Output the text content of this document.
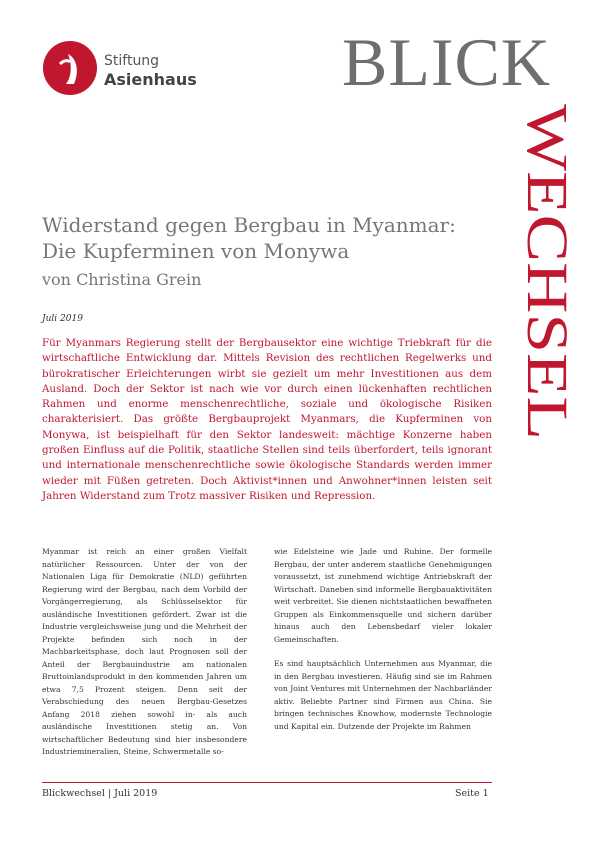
Stiftung
Asienhaus BLICK
WECHSEL
Widerstand gegen Bergbau in Myanmar:
Die Kupferminen von Monywa
von Christina Grein
Juli 2019

Für Myanmars Regierung stellt der Bergbausektor eine wichtige Triebkraft für die wirtschaftliche Entwicklung dar. Mittels Revision des rechtlichen Regelwerks und bürokratischer Erleichterungen wirbt sie gezielt um mehr Investitionen aus dem Ausland. Doch der Sektor ist nach wie vor durch einen lückenhaften rechtlichen Rahmen und enorme menschenrechtliche, soziale und ökologische Risiken charakterisiert. Das größte Bergbauprojekt Myanmars, die Kupferminen von Monywa, ist beispielhaft für den Sektor landesweit: mächtige Konzerne haben großen Einfluss auf die Politik, staatliche Stellen sind teils überfordert, teils ignorant und internationale menschenrechtliche sowie ökologische Standards werden immer wieder mit Füßen getreten. Doch Aktivist*innen und Anwohner*innen leisten seit Jahren Widerstand zum Trotz massiver Risiken und Repression.

Myanmar ist reich an einer großen Vielfalt natürlicher Ressourcen. Unter der von der Nationalen Liga für Demokratie (NLD) geführten Regierung wird der Bergbau, nach dem Vorbild der Vorgängerregierung, als Schlüsselsektor für ausländische Investitionen gefördert. Zwar ist die Industrie vergleichsweise jung und die Mehrheit der Projekte befinden sich noch in der Machbarkeitsphase, doch laut Prognosen soll der Anteil der Bergbauindustrie am nationalen Bruttoinlandsprodukt in den kommenden Jahren um etwa 7,5 Prozent steigen. Denn seit der Verabschiedung des neuen Bergbau-Gesetzes Anfang 2018 ziehen sowohl in- als auch ausländische Investitionen stetig an. Von wirtschaftlicher Bedeutung sind hier insbesondere Industriemineralien, Steine, Schwermetalle so-

wie Edelsteine wie Jade und Rubine. Der formelle Bergbau, der unter anderem staatliche Genehmigungen voraussetzt, ist zunehmend wichtige Antriebskraft der Wirtschaft. Daneben sind informelle Bergbauaktivitäten weit verbreitet. Sie dienen nichtstaatlichen bewaffneten Gruppen als Einkommensquelle und sichern darüber hinaus auch den Lebensbedarf vieler lokaler Gemeinschaften.

Es sind hauptsächlich Unternehmen aus Myanmar, die in den Bergbau investieren. Häufig sind sie im Rahmen von Joint Ventures mit Unternehmen der Nachbarländer aktiv. Beliebte Partner sind Firmen aus China. Sie bringen technisches Knowhow, modernste Technologie und Kapital ein. Dutzende der Projekte im Rahmen

Blickwechsel | Juli 2019	Seite 1
